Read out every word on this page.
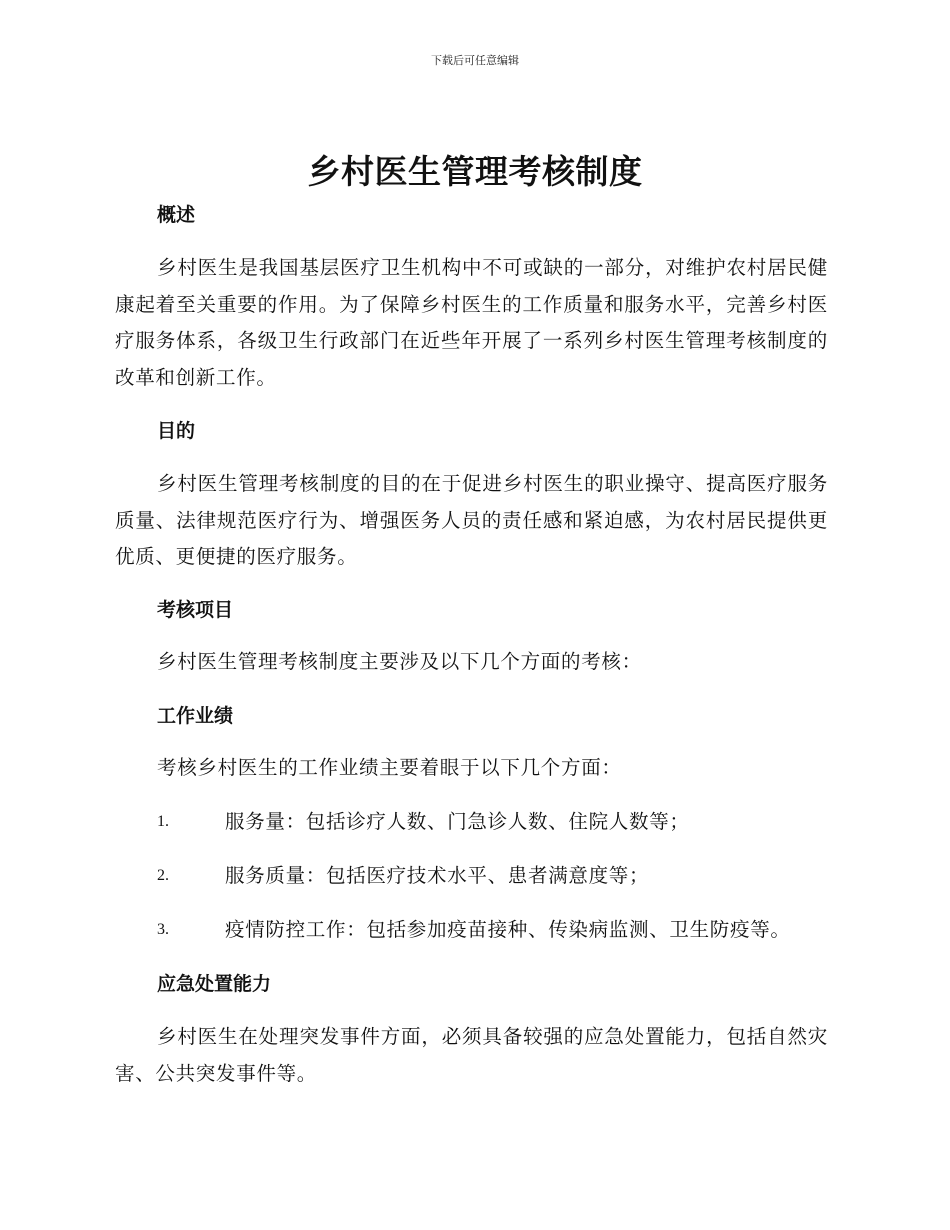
下载后可任意编辑
乡村医生管理考核制度
概述
乡村医生是我国基层医疗卫生机构中不可或缺的一部分，对维护农村居民健康起着至关重要的作用。为了保障乡村医生的工作质量和服务水平，完善乡村医疗服务体系，各级卫生行政部门在近些年开展了一系列乡村医生管理考核制度的改革和创新工作。
目的
乡村医生管理考核制度的目的在于促进乡村医生的职业操守、提高医疗服务质量、法律规范医疗行为、增强医务人员的责任感和紧迫感，为农村居民提供更优质、更便捷的医疗服务。
考核项目
乡村医生管理考核制度主要涉及以下几个方面的考核：
工作业绩
考核乡村医生的工作业绩主要着眼于以下几个方面：
1.	服务量：包括诊疗人数、门急诊人数、住院人数等；
2.	服务质量：包括医疗技术水平、患者满意度等；
3.	疫情防控工作：包括参加疫苗接种、传染病监测、卫生防疫等。
应急处置能力
乡村医生在处理突发事件方面，必须具备较强的应急处置能力，包括自然灾害、公共突发事件等。
